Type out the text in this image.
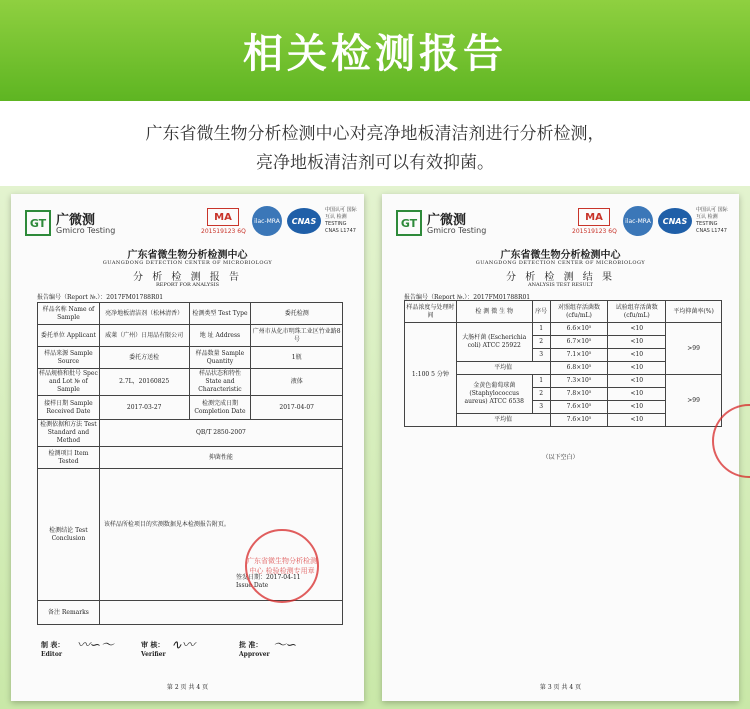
相关检测报告
广东省微生物分析检测中心对亮净地板清洁剂进行分析检测，
亮净地板清洁剂可以有效抑菌。
GT 广微测
Gmicro Testing
MA
201519123 6Q
ilac-MRA	CNAS
中国认可 国际互认 检测 TESTING CNAS L1747
广东省微生物分析检测中心
GUANGDONG DETECTION CENTER OF MICROBIOLOGY
分 析 检 测 报 告
REPORT FOR ANALYSIS
报告编号（Report №.）：2017FM01788R01
样品名称 Name of Sample	亮净地板清洁剂（松林清香）	检测类型 Test Type	委托检测
委托单位 Applicant	威莱（广州）日用品有限公司	地 址 Address	广州市从化市明珠工业区竹业路8号
样品来源 Sample Source	委托方送检	样品数量 Sample Quantity	1瓶
样品规格和批号 Spec and Lot № of Sample	2.7L，20160825	样品状态和特性 State and Characteristic	液体
接样日期 Sample Received Date	2017-03-27	检测完成日期 Completion Date	2017-04-07
检测依据和方法 Test Standard and Method	QB/T 2850-2007		
检测项目 Item Tested	抑菌性能		
检测结论 Test Conclusion	该样品所检项目的实测数据见本检测报告附页。
签发日期：2017-04-11 Issue Date		

备注 Remarks			
广东省微生物分析检测中心 检验检测专用章
制 表：
Editor
〰∽〜	审 核：
Verifier
∿〰	批 准：
Approver
〜∽
第 2 页 共 4 页
GT 广微测
Gmicro Testing
MA
201519123 6Q
ilac-MRA	CNAS
中国认可 国际互认 检测 TESTING CNAS L1747
广东省微生物分析检测中心
GUANGDONG DETECTION CENTER OF MICROBIOLOGY
分 析 检 测 结 果
ANALYSIS TEST RESULT
报告编号（Report №.）：2017FM01788R01
样品浓度与处理时间	检 测 微 生 物	序号	对照组存活菌数 (cfu/mL)	试验组存活菌数 (cfu/mL)	平均抑菌率(%)
1:100 5 分钟	大肠杆菌 (Escherichia coli) ATCC 25922	1	6.6×10⁵	<10	>99
		2	6.7×10⁵	<10	
		3	7.1×10⁵	<10	
	平均值		6.8×10⁵	<10	
	金黄色葡萄球菌 (Staphylococcus aureus) ATCC 6538	1	7.3×10⁵	<10	>99
		2	7.8×10⁵	<10	
		3	7.6×10⁵	<10	
	平均值		7.6×10⁵	<10	
（以下空白）
第 3 页 共 4 页
